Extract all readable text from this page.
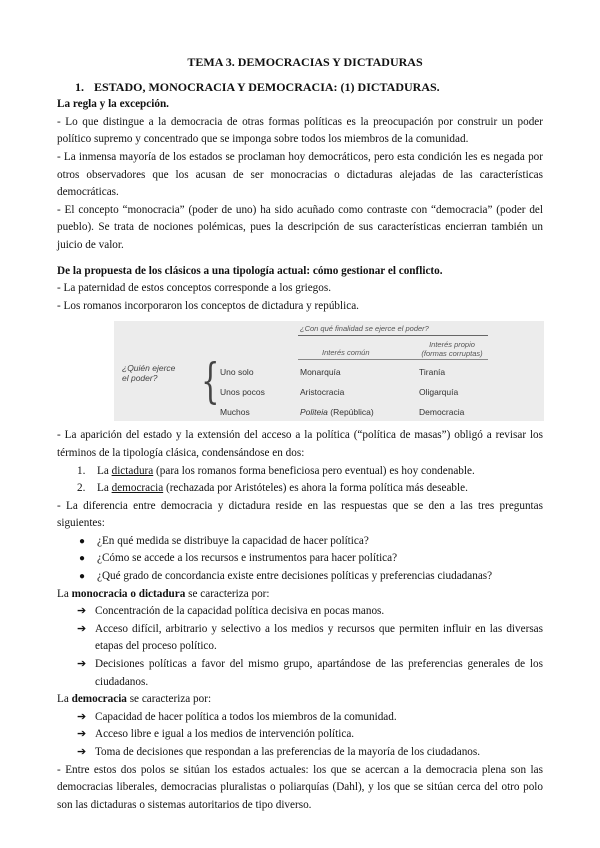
TEMA 3. DEMOCRACIAS Y DICTADURAS
1. ESTADO, MONOCRACIA Y DEMOCRACIA: (1) DICTADURAS.
La regla y la excepción.

- Lo que distingue a la democracia de otras formas políticas es la preocupación por construir un poder político supremo y concentrado que se imponga sobre todos los miembros de la comunidad.

- La inmensa mayoría de los estados se proclaman hoy democráticos, pero esta condición les es negada por otros observadores que los acusan de ser monocracias o dictaduras alejadas de las características democráticas.

- El concepto “monocracia” (poder de uno) ha sido acuñado como contraste con “democracia” (poder del pueblo). Se trata de nociones polémicas, pues la descripción de sus características encierran también un juicio de valor.

De la propuesta de los clásicos a una tipología actual: cómo gestionar el conflicto.

- La paternidad de estos conceptos corresponde a los griegos.

- Los romanos incorporaron los conceptos de dictadura y república.

¿Con qué finalidad se ejerce el poder?
Interés común
Interés propio
(formas corruptas)
¿Quién ejerce
el poder? { Uno solo	Monarquía	Tiranía
Unos pocos	Aristocracia	Oligarquía
Muchos	Politeia (República)	Democracia

- La aparición del estado y la extensión del acceso a la política (“política de masas”) obligó a revisar los términos de la tipología clásica, condensándose en dos:

1. La dictadura (para los romanos forma beneficiosa pero eventual) es hoy condenable.
2. La democracia (rechazada por Aristóteles) es ahora la forma política más deseable.

- La diferencia entre democracia y dictadura reside en las respuestas que se den a las tres preguntas siguientes:

● ¿En qué medida se distribuye la capacidad de hacer política?
● ¿Cómo se accede a los recursos e instrumentos para hacer política?
● ¿Qué grado de concordancia existe entre decisiones políticas y preferencias ciudadanas?
La monocracia o dictadura se caracteriza por:
➔ Concentración de la capacidad política decisiva en pocas manos.
➔ Acceso difícil, arbitrario y selectivo a los medios y recursos que permiten influir en las diversas etapas del proceso político.
➔ Decisiones políticas a favor del mismo grupo, apartándose de las preferencias generales de los ciudadanos.
La democracia se caracteriza por:
➔ Capacidad de hacer política a todos los miembros de la comunidad.
➔ Acceso libre e igual a los medios de intervención política.
➔ Toma de decisiones que respondan a las preferencias de la mayoría de los ciudadanos.

- Entre estos dos polos se sitúan los estados actuales: los que se acercan a la democracia plena son las democracias liberales, democracias pluralistas o poliarquías (Dahl), y los que se sitúan cerca del otro polo son las dictaduras o sistemas autoritarios de tipo diverso.
